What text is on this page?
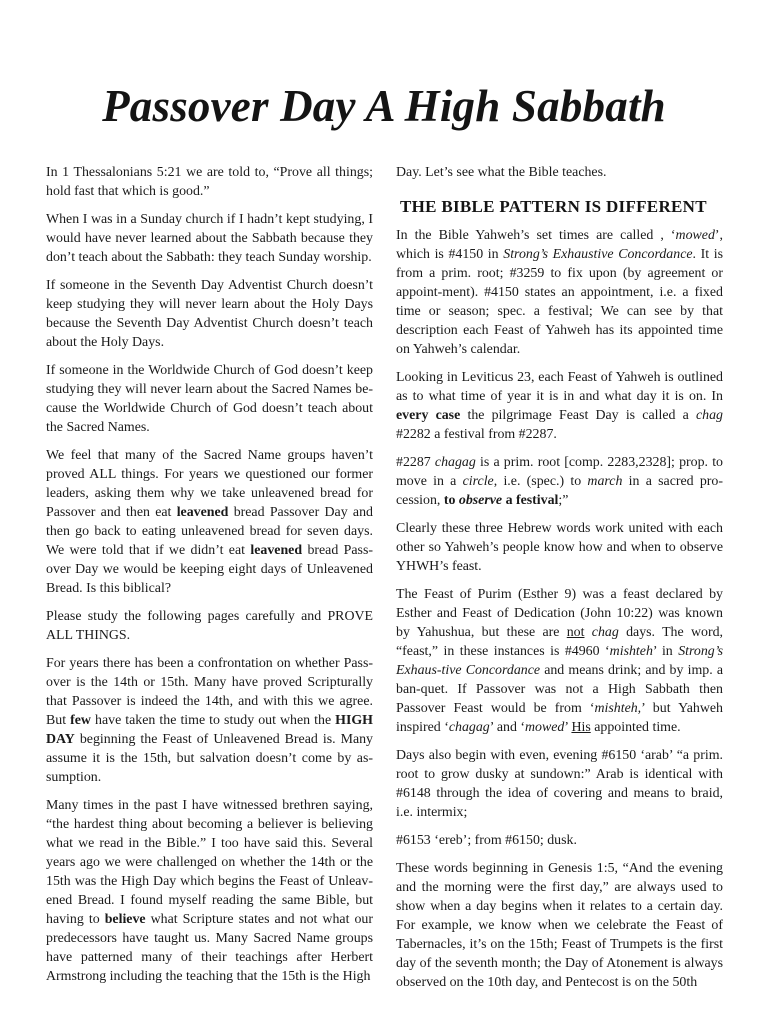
Passover Day A High Sabbath

In 1 Thessalonians 5:21 we are told to, “Prove all things; hold fast that which is good.”

When I was in a Sunday church if I hadn’t kept studying, I would have never learned about the Sabbath because they don’t teach about the Sabbath: they teach Sunday worship.

If someone in the Seventh Day Adventist Church doesn’t keep studying they will never learn about the Holy Days because the Seventh Day Adventist Church doesn’t teach about the Holy Days.

If someone in the Worldwide Church of God doesn’t keep studying they will never learn about the Sacred Names be-cause the Worldwide Church of God doesn’t teach about the Sacred Names.

We feel that many of the Sacred Name groups haven’t proved ALL things. For years we questioned our former leaders, asking them why we take unleavened bread for Passover and then eat leavened bread Passover Day and then go back to eating unleavened bread for seven days. We were told that if we didn’t eat leavened bread Pass-over Day we would be keeping eight days of Unleavened Bread. Is this biblical?

Please study the following pages carefully and PROVE ALL THINGS.

For years there has been a confrontation on whether Pass-over is the 14th or 15th. Many have proved Scripturally that Passover is indeed the 14th, and with this we agree. But few have taken the time to study out when the HIGH DAY beginning the Feast of Unleavened Bread is. Many assume it is the 15th, but salvation doesn’t come by as-sumption.

Many times in the past I have witnessed brethren saying, “the hardest thing about becoming a believer is believing what we read in the Bible.” I too have said this. Several years ago we were challenged on whether the 14th or the 15th was the High Day which begins the Feast of Unleav-ened Bread. I found myself reading the same Bible, but having to believe what Scripture states and not what our predecessors have taught us. Many Sacred Name groups have patterned many of their teachings after Herbert Armstrong including the teaching that the 15th is the High

Day. Let’s see what the Bible teaches.

THE BIBLE PATTERN IS DIFFERENT

In the Bible Yahweh’s set times are called , ‘mowed’, which is #4150 in Strong’s Exhaustive Concordance. It is from a prim. root; #3259 to fix upon (by agreement or appoint-ment). #4150 states an appointment, i.e. a fixed time or season; spec. a festival; We can see by that description each Feast of Yahweh has its appointed time on Yahweh’s calendar.

Looking in Leviticus 23, each Feast of Yahweh is outlined as to what time of year it is in and what day it is on. In every case the pilgrimage Feast Day is called a chag #2282 a festival from #2287.

#2287 chagag is a prim. root [comp. 2283,2328]; prop. to move in a circle, i.e. (spec.) to march in a sacred pro-cession, to observe a festival;”

Clearly these three Hebrew words work united with each other so Yahweh’s people know how and when to observe YHWH’s feast.

The Feast of Purim (Esther 9) was a feast declared by Esther and Feast of Dedication (John 10:22) was known by Yahushua, but these are not chag days. The word, “feast,” in these instances is #4960 ‘mishteh’ in Strong’s Exhaus-tive Concordance and means drink; and by imp. a ban-quet. If Passover was not a High Sabbath then Passover Feast would be from ‘mishteh,’ but Yahweh inspired ‘chagag’ and ‘mowed’ His appointed time.

Days also begin with even, evening #6150 ‘arab’ “a prim. root to grow dusky at sundown:” Arab is identical with #6148 through the idea of covering and means to braid, i.e. intermix;

#6153 ‘ereb’; from #6150; dusk.

These words beginning in Genesis 1:5, “And the evening and the morning were the first day,” are always used to show when a day begins when it relates to a certain day. For example, we know when we celebrate the Feast of Tabernacles, it’s on the 15th; Feast of Trumpets is the first day of the seventh month; the Day of Atonement is always observed on the 10th day, and Pentecost is on the 50th
